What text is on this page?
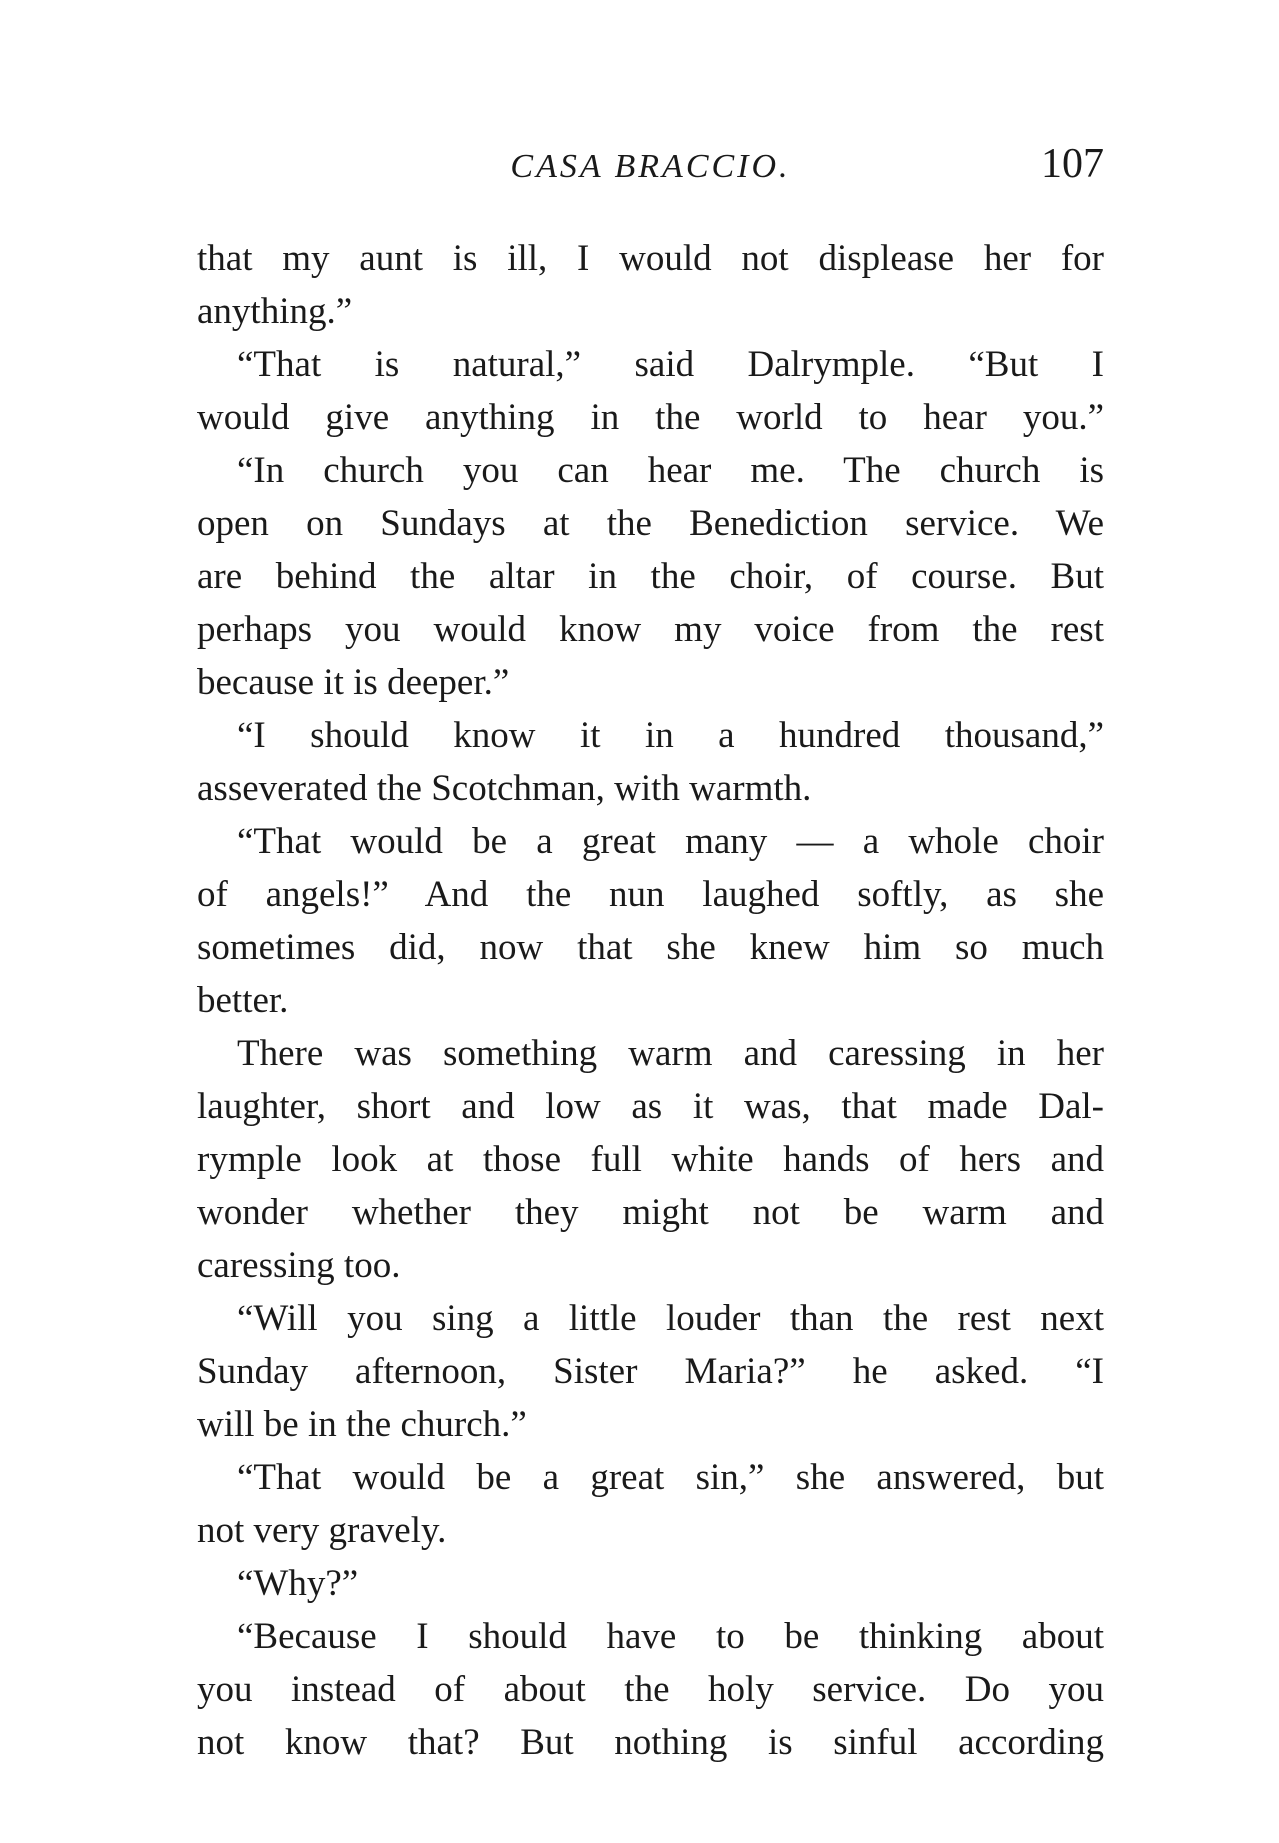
CASA BRACCIO.	107
that my aunt is ill, I would not displease her for
anything.”
“That is natural,” said Dalrymple. “But I
would give anything in the world to hear you.”
“In church you can hear me. The church is
open on Sundays at the Benediction service. We
are behind the altar in the choir, of course. But
perhaps you would know my voice from the rest
because it is deeper.”
“I should know it in a hundred thousand,”
asseverated the Scotchman, with warmth.
“That would be a great many — a whole choir
of angels!” And the nun laughed softly, as she
sometimes did, now that she knew him so much
better.
There was something warm and caressing in her
laughter, short and low as it was, that made Dal-
rymple look at those full white hands of hers and
wonder whether they might not be warm and
caressing too.
“Will you sing a little louder than the rest next
Sunday afternoon, Sister Maria?” he asked. “I
will be in the church.”
“That would be a great sin,” she answered, but
not very gravely.
“Why?”
“Because I should have to be thinking about
you instead of about the holy service. Do you
not know that? But nothing is sinful according
